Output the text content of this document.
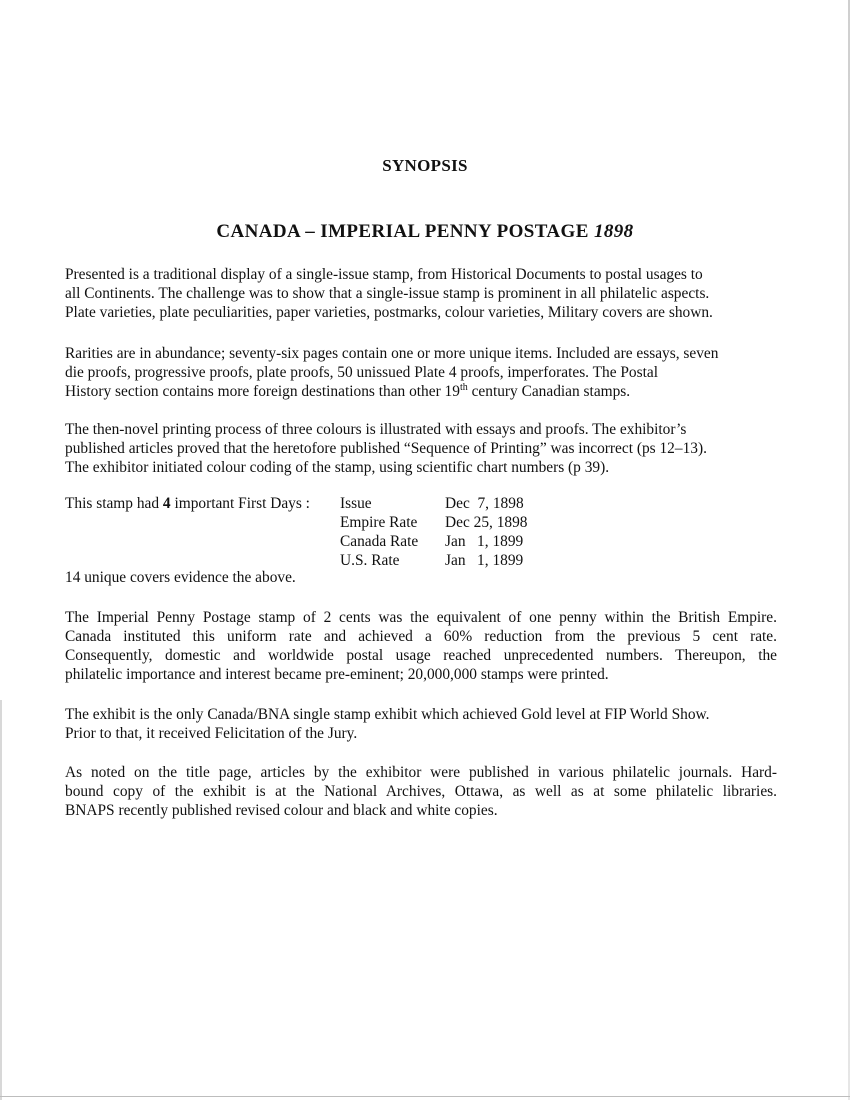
SYNOPSIS
CANADA – IMPERIAL PENNY POSTAGE 1898

Presented is a traditional display of a single-issue stamp, from Historical Documents to postal usages to
all Continents. The challenge was to show that a single-issue stamp is prominent in all philatelic aspects.
Plate varieties, plate peculiarities, paper varieties, postmarks, colour varieties, Military covers are shown.

Rarities are in abundance; seventy-six pages contain one or more unique items. Included are essays, seven
die proofs, progressive proofs, plate proofs, 50 unissued Plate 4 proofs, imperforates. The Postal
History section contains more foreign destinations than other 19th century Canadian stamps.

The then-novel printing process of three colours is illustrated with essays and proofs. The exhibitor’s
published articles proved that the heretofore published “Sequence of Printing” was incorrect (ps 12–13).
The exhibitor initiated colour coding of the stamp, using scientific chart numbers (p 39).

This stamp had 4 important First Days : Issue	Dec  7, 1898
Empire Rate Dec 25, 1898
Canada Rate Jan   1, 1899
U.S. Rate	Jan   1, 1899
14 unique covers evidence the above.

The Imperial Penny Postage stamp of 2 cents was the equivalent of one penny within the British Empire.
Canada instituted this uniform rate and achieved a 60% reduction from the previous 5 cent rate.
Consequently, domestic and worldwide postal usage reached unprecedented numbers. Thereupon, the
philatelic importance and interest became pre-eminent; 20,000,000 stamps were printed.

The exhibit is the only Canada/BNA single stamp exhibit which achieved Gold level at FIP World Show.
Prior to that, it received Felicitation of the Jury.

As noted on the title page, articles by the exhibitor were published in various philatelic journals. Hard-
bound copy of the exhibit is at the National Archives, Ottawa, as well as at some philatelic libraries.
BNAPS recently published revised colour and black and white copies.
